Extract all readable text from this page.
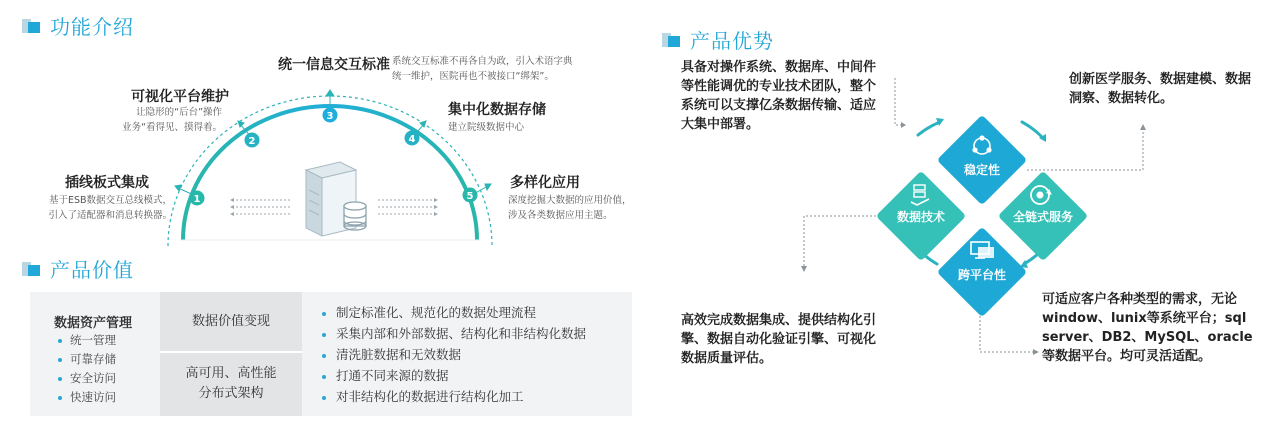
功能介绍
1
2
3
4
5
插线板式集成
基于ESB数据交互总线模式，
引入了适配器和消息转换器。
可视化平台维护
让隐形的“后台”操作
业务“看得见、摸得着。
统一信息交互标准 系统交互标准不再各自为政，引入术语字典
统一维护，医院再也不被接口“绑架”。
集中化数据存储
建立院级数据中心
多样化应用
深度挖掘大数据的应用价值，
涉及各类数据应用主题。
产品价值
数据资产管理
统一管理
可靠存储
安全访问
快速访问
数据价值变现
高可用、高性能
分布式架构
制定标准化、规范化的数据处理流程
采集内部和外部数据、结构化和非结构化数据
清洗脏数据和无效数据
打通不同来源的数据
对非结构化的数据进行结构化加工
产品优势
具备对操作系统、数据库、中间件
等性能调优的专业技术团队，整个
系统可以支撑亿条数据传输、适应
大集中部署。
创新医学服务、数据建模、数据
洞察、数据转化。
高效完成数据集成、提供结构化引
擎、数据自动化验证引擎、可视化
数据质量评估。
可适应客户各种类型的需求，无论
window、lunix等系统平台；sql
server、DB2、MySQL、oracle
等数据平台。均可灵活适配。
稳定性
数据技术	全链式服务
跨平台性
